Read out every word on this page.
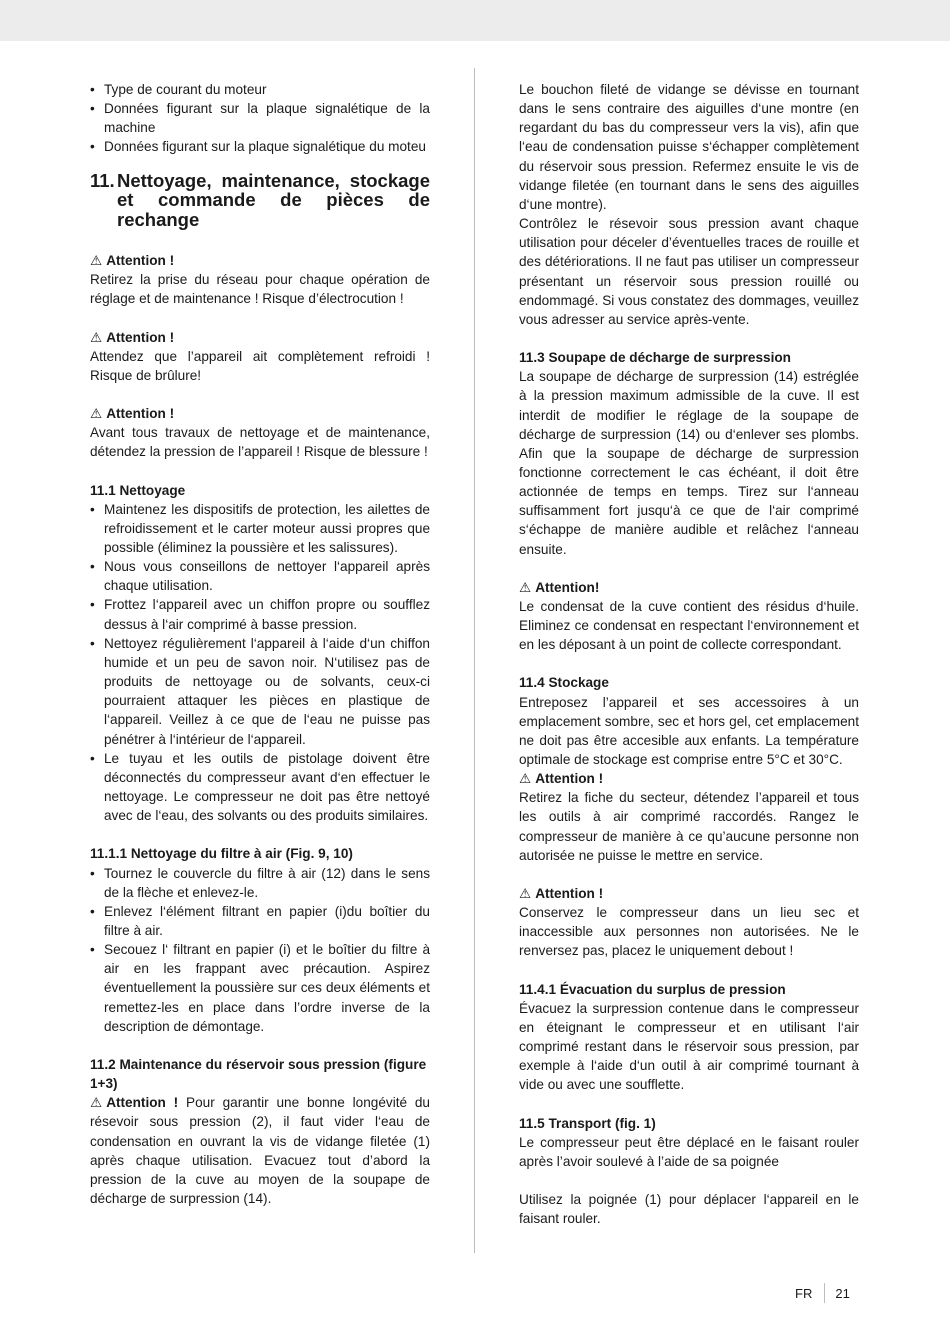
• Type de courant du moteur
• Données figurant sur la plaque signalétique de la machine
• Données figurant sur la plaque signalétique du moteu
11. Nettoyage, maintenance, stockage et commande de pièces de rechange
⚠ Attention !

Retirez la prise du réseau pour chaque opération de réglage et de maintenance ! Risque d’électrocution !

⚠ Attention !

Attendez que l’appareil ait complètement refroidi ! Risque de brûlure!

⚠ Attention !

Avant tous travaux de nettoyage et de maintenance, détendez la pression de l’appareil ! Risque de blessure !

11.1 Nettoyage
• Maintenez les dispositifs de protection, les ailettes de refroidissement et le carter moteur aussi propres que possible (éliminez la poussière et les salissures).
• Nous vous conseillons de nettoyer l‘appareil après chaque utilisation.
• Frottez l‘appareil avec un chiffon propre ou soufflez dessus à l‘air comprimé à basse pression.
• Nettoyez régulièrement l‘appareil à l‘aide d‘un chiffon humide et un peu de savon noir. N‘utilisez pas de produits de nettoyage ou de solvants, ceux-ci pourraient attaquer les pièces en plastique de l‘appareil. Veillez à ce que de l‘eau ne puisse pas pénétrer à l‘intérieur de l‘appareil.
• Le tuyau et les outils de pistolage doivent être déconnectés du compresseur avant d‘en effectuer le nettoyage. Le compresseur ne doit pas être nettoyé avec de l‘eau, des solvants ou des produits similaires.
11.1.1 Nettoyage du filtre à air (Fig. 9, 10)
• Tournez le couvercle du filtre à air (12) dans le sens de la flèche et enlevez-le.
• Enlevez l‘élément filtrant en papier (i)du boîtier du filtre à air.
• Secouez l‘ filtrant en papier (i) et le boîtier du filtre à air en les frappant avec précaution. Aspirez éventuellement la poussière sur ces deux éléments et remettez-les en place dans l’ordre inverse de la description de démontage.
11.2 Maintenance du réservoir sous pression (figure 1+3)

⚠ Attention ! Pour garantir une bonne longévité du résevoir sous pression (2), il faut vider l‘eau de condensation en ouvrant la vis de vidange filetée (1) après chaque utilisation. Evacuez tout d’abord la pression de la cuve au moyen de la soupape de décharge de surpression (14).

Le bouchon fileté de vidange se dévisse en tournant dans le sens contraire des aiguilles d‘une montre (en regardant du bas du compresseur vers la vis), afin que l‘eau de condensation puisse s‘échapper complètement du réservoir sous pression. Refermez ensuite le vis de vidange filetée (en tournant dans le sens des aiguilles d‘une montre).

Contrôlez le résevoir sous pression avant chaque utilisation pour déceler d’éventuelles traces de rouille et des détériorations. Il ne faut pas utiliser un compresseur présentant un réservoir sous pression rouillé ou endommagé. Si vous constatez des dommages, veuillez vous adresser au service après-vente.

11.3 Soupape de décharge de surpression

La soupape de décharge de surpression (14) estréglée à la pression maximum admissible de la cuve. Il est interdit de modifier le réglage de la soupape de décharge de surpression (14) ou d‘enlever ses plombs. Afin que la soupape de décharge de surpression fonctionne correctement le cas échéant, il doit être actionnée de temps en temps. Tirez sur l‘anneau suffisamment fort jusqu‘à ce que de l‘air comprimé s‘échappe de manière audible et relâchez l‘anneau ensuite.

⚠ Attention!

Le condensat de la cuve contient des résidus d‘huile. Eliminez ce condensat en respectant l‘environnement et en les déposant à un point de collecte correspondant.

11.4 Stockage

Entreposez l’appareil et ses accessoires à un emplacement sombre, sec et hors gel, cet emplacement ne doit pas être accesible aux enfants. La température optimale de stockage est comprise entre 5°C et 30°C.

⚠ Attention !

Retirez la fiche du secteur, détendez l’appareil et tous les outils à air comprimé raccordés. Rangez le compresseur de manière à ce qu’aucune personne non autorisée ne puisse le mettre en service.

⚠ Attention !

Conservez le compresseur dans un lieu sec et inaccessible aux personnes non autorisées. Ne le renversez pas, placez le uniquement debout !

11.4.1 Évacuation du surplus de pression

Évacuez la surpression contenue dans le compresseur en éteignant le compresseur et en utilisant l‘air comprimé restant dans le réservoir sous pression, par exemple à l‘aide d‘un outil à air comprimé tournant à vide ou avec une soufflette.

11.5 Transport (fig. 1)

Le compresseur peut être déplacé en le faisant rouler après l’avoir soulevé à l’aide de sa poignée

Utilisez la poignée (1) pour déplacer l‘appareil en le faisant rouler.

FR 21
